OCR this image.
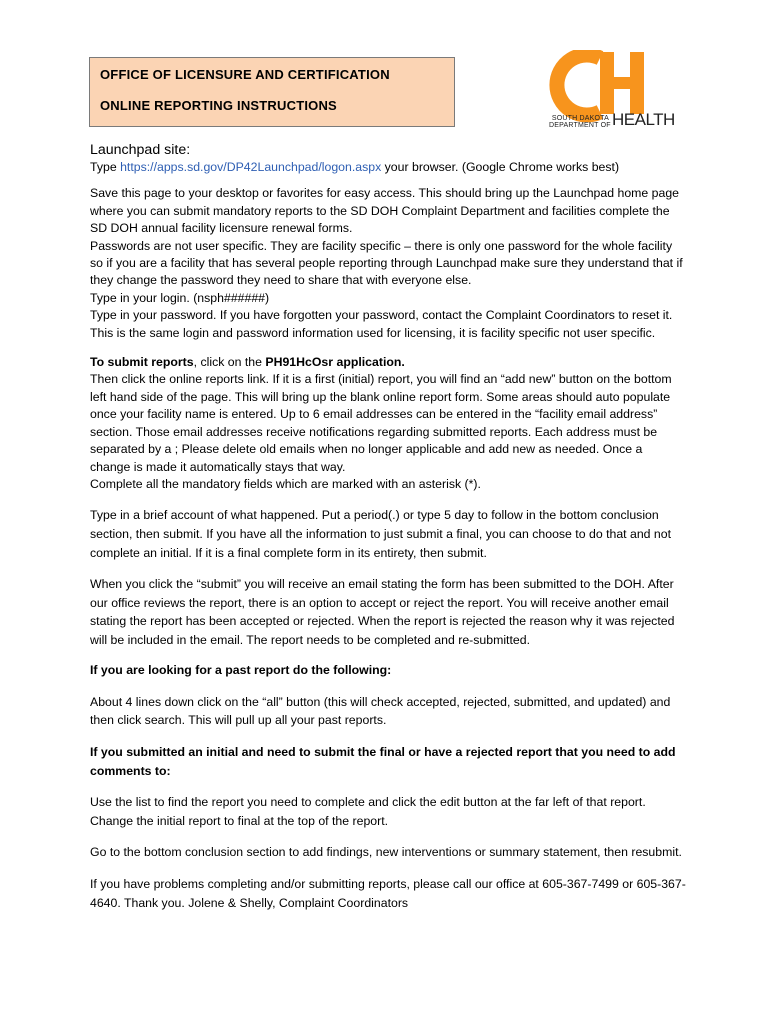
OFFICE OF LICENSURE AND CERTIFICATION
ONLINE REPORTING INSTRUCTIONS
SOUTH DAKOTA
DEPARTMENT OF HEALTH

Launchpad site:

Type https://apps.sd.gov/DP42Launchpad/logon.aspx your browser. (Google Chrome works best)

Save this page to your desktop or favorites for easy access. This should bring up the Launchpad home page where you can submit mandatory reports to the SD DOH Complaint Department and facilities complete the SD DOH annual facility licensure renewal forms.

Passwords are not user specific. They are facility specific – there is only one password for the whole facility so if you are a facility that has several people reporting through Launchpad make sure they understand that if they change the password they need to share that with everyone else.

Type in your login. (nsph######)

Type in your password. If you have forgotten your password, contact the Complaint Coordinators to reset it. This is the same login and password information used for licensing, it is facility specific not user specific.

To submit reports, click on the PH91HcOsr application.

Then click the online reports link. If it is a first (initial) report, you will find an “add new” button on the bottom left hand side of the page. This will bring up the blank online report form. Some areas should auto populate once your facility name is entered. Up to 6 email addresses can be entered in the “facility email address” section. Those email addresses receive notifications regarding submitted reports. Each address must be separated by a ; Please delete old emails when no longer applicable and add new as needed. Once a change is made it automatically stays that way.

Complete all the mandatory fields which are marked with an asterisk (*).

Type in a brief account of what happened. Put a period(.) or type 5 day to follow in the bottom conclusion section, then submit. If you have all the information to just submit a final, you can choose to do that and not complete an initial. If it is a final complete form in its entirety, then submit.

When you click the “submit” you will receive an email stating the form has been submitted to the DOH. After our office reviews the report, there is an option to accept or reject the report. You will receive another email stating the report has been accepted or rejected. When the report is rejected the reason why it was rejected will be included in the email. The report needs to be completed and re-submitted.

If you are looking for a past report do the following:

About 4 lines down click on the “all” button (this will check accepted, rejected, submitted, and updated) and then click search. This will pull up all your past reports.

If you submitted an initial and need to submit the final or have a rejected report that you need to add comments to:

Use the list to find the report you need to complete and click the edit button at the far left of that report. Change the initial report to final at the top of the report.

Go to the bottom conclusion section to add findings, new interventions or summary statement, then resubmit.

If you have problems completing and/or submitting reports, please call our office at 605-367-7499 or 605-367-4640. Thank you. Jolene & Shelly, Complaint Coordinators
